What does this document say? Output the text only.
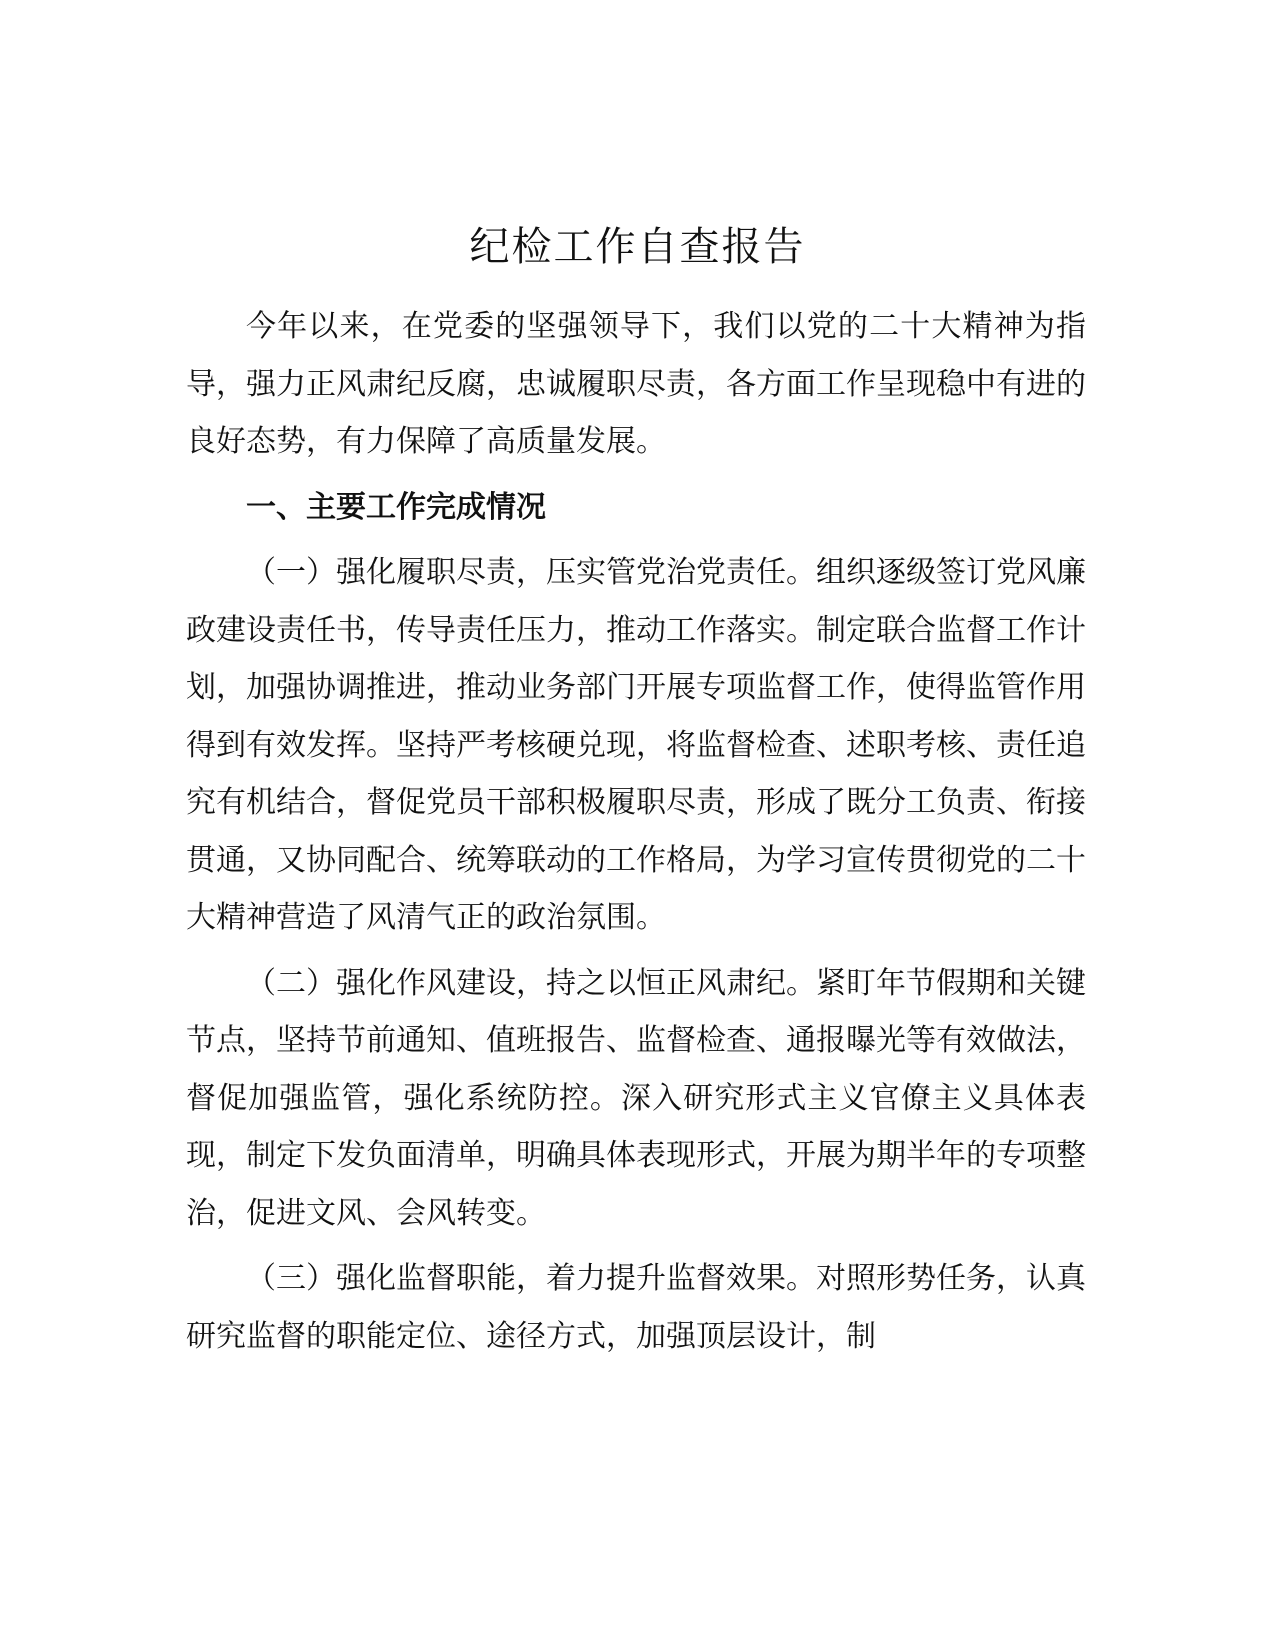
纪检工作自查报告

今年以来，在党委的坚强领导下，我们以党的二十大精神为指导，强力正风肃纪反腐，忠诚履职尽责，各方面工作呈现稳中有进的良好态势，有力保障了高质量发展。

一、主要工作完成情况

（一）强化履职尽责，压实管党治党责任。组织逐级签订党风廉政建设责任书，传导责任压力，推动工作落实。制定联合监督工作计划，加强协调推进，推动业务部门开展专项监督工作，使得监管作用得到有效发挥。坚持严考核硬兑现，将监督检查、述职考核、责任追究有机结合，督促党员干部积极履职尽责，形成了既分工负责、衔接贯通，又协同配合、统筹联动的工作格局，为学习宣传贯彻党的二十大精神营造了风清气正的政治氛围。

（二）强化作风建设，持之以恒正风肃纪。紧盯年节假期和关键节点，坚持节前通知、值班报告、监督检查、通报曝光等有效做法，督促加强监管，强化系统防控。深入研究形式主义官僚主义具体表现，制定下发负面清单，明确具体表现形式，开展为期半年的专项整治，促进文风、会风转变。

（三）强化监督职能，着力提升监督效果。对照形势任务，认真研究监督的职能定位、途径方式，加强顶层设计，制
